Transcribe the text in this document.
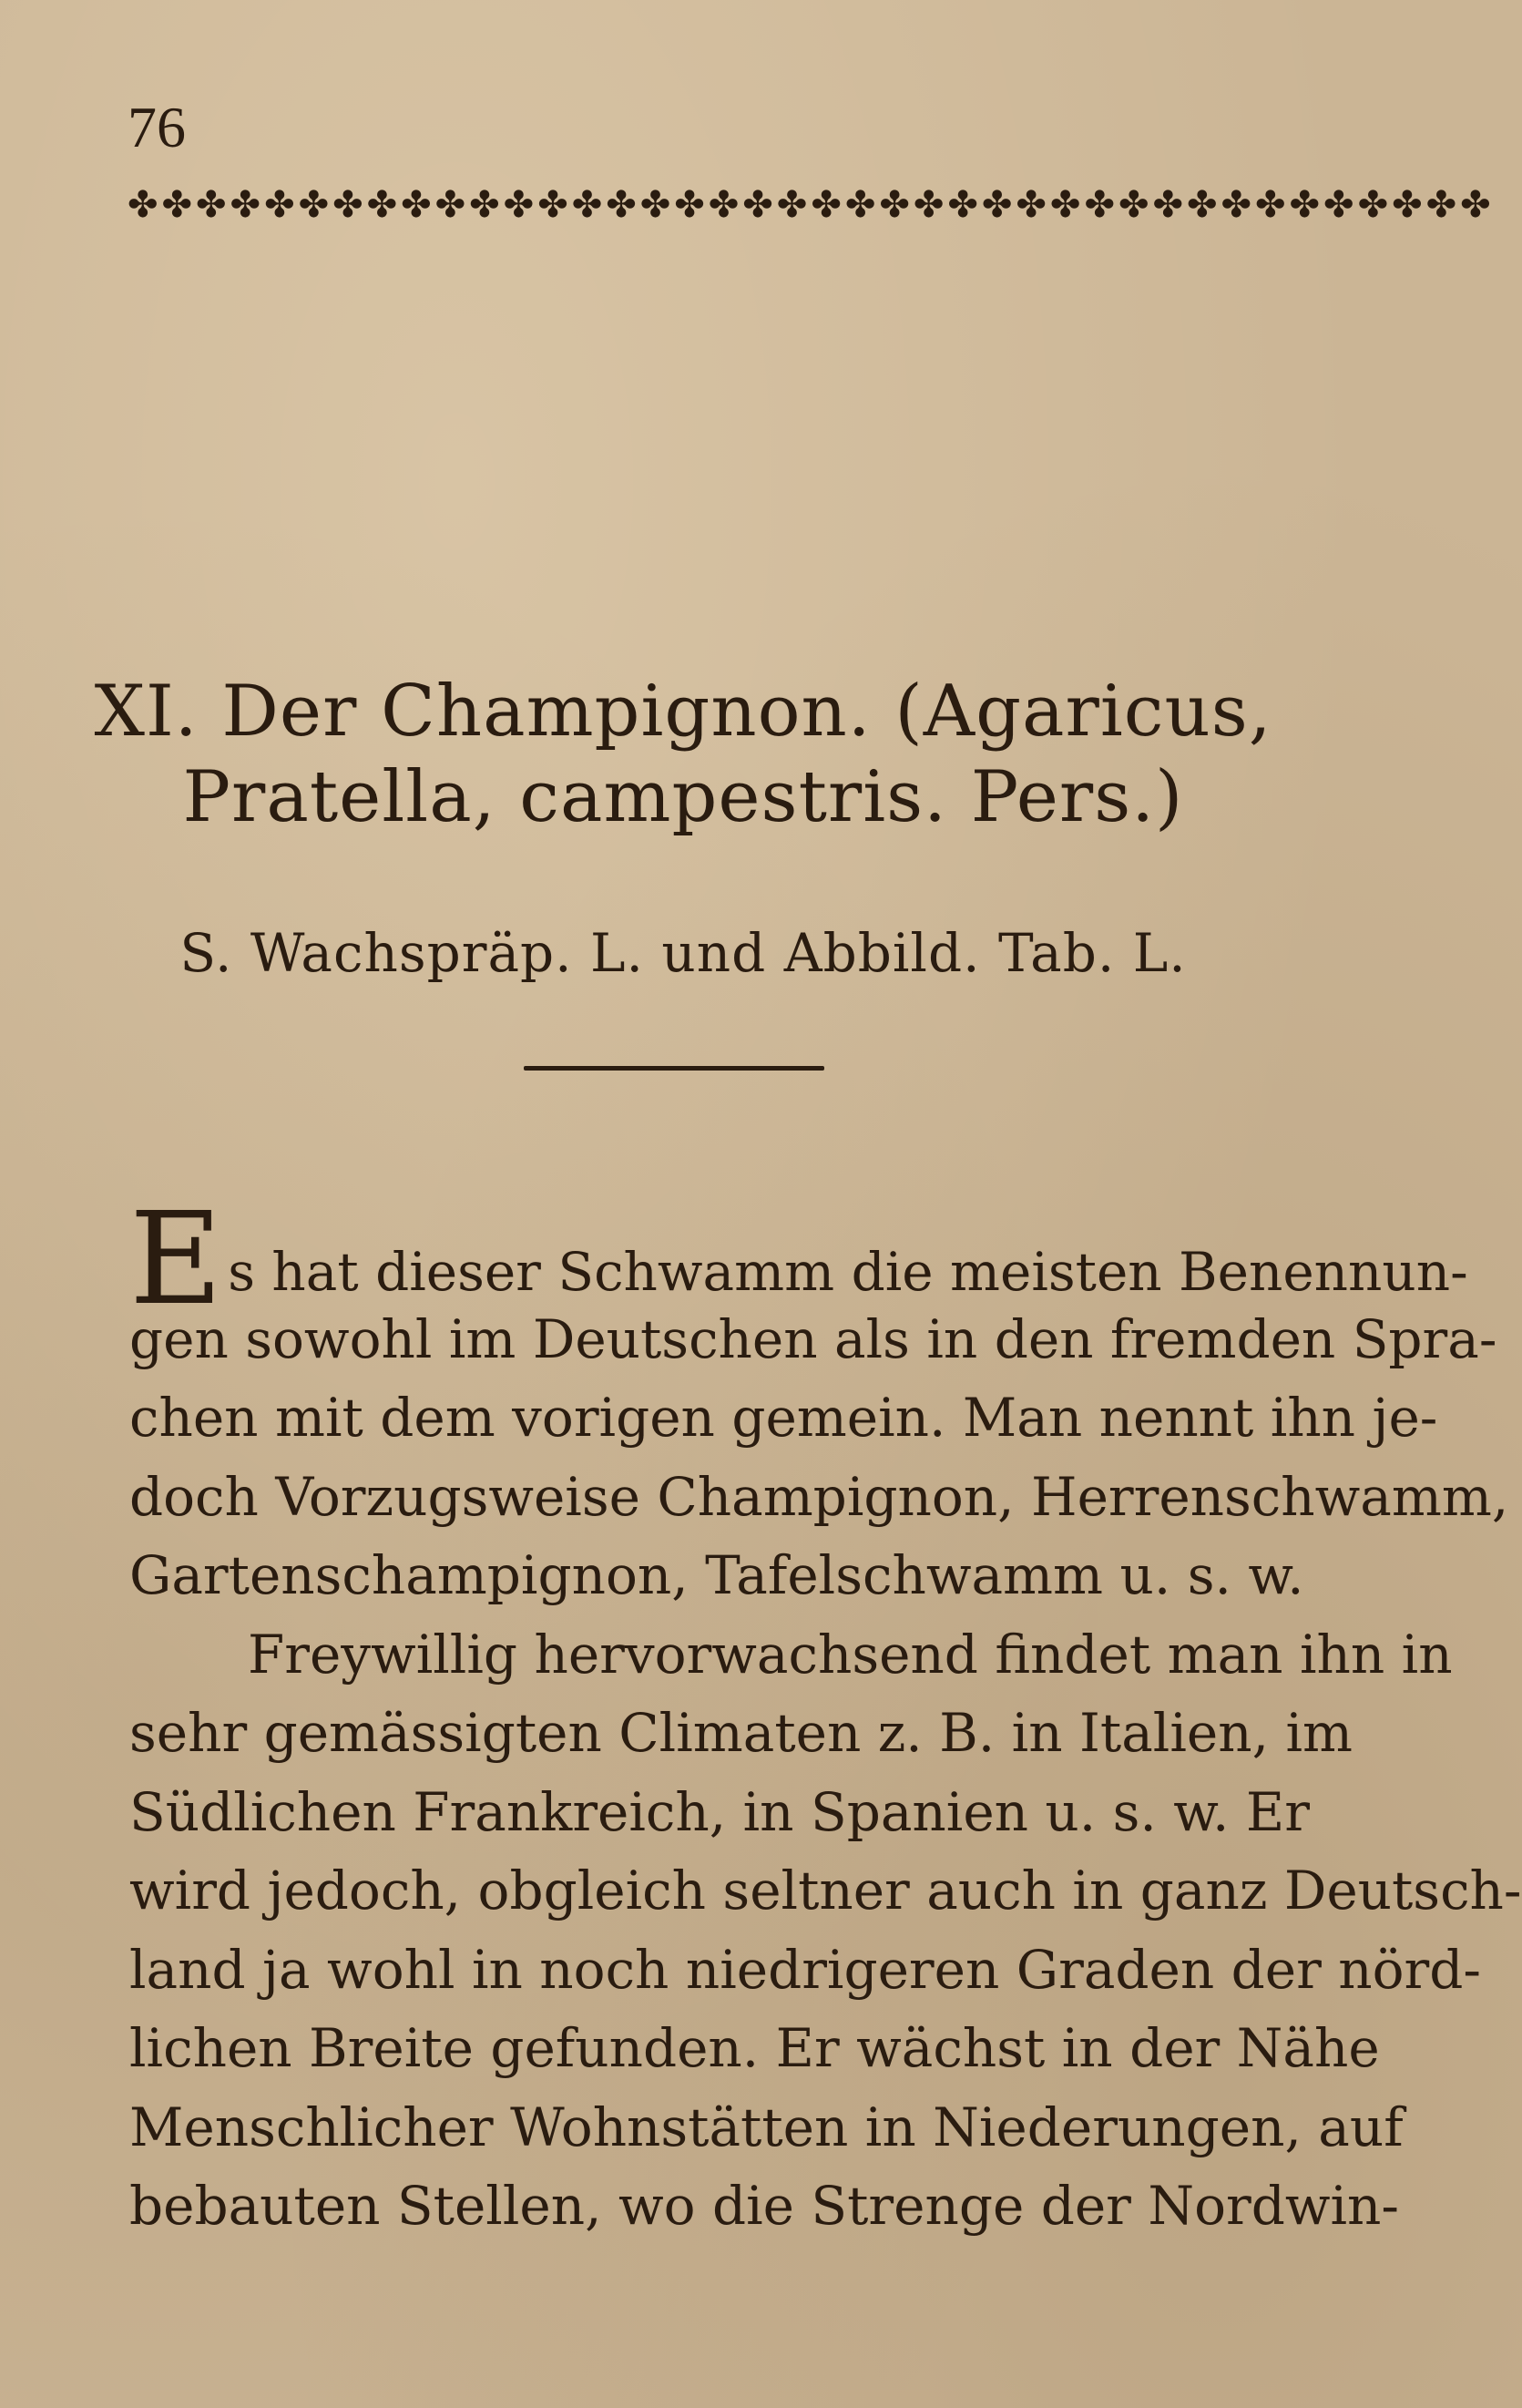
76
✤✤✤✤✤✤✤✤✤✤✤✤✤✤✤✤✤✤✤✤✤✤✤✤✤✤✤✤✤✤✤✤✤✤✤✤✤✤✤✤
XI. Der Champignon. (Agaricus,
Pratella, campestris. Pers.)
S. Wachspräp. L. und Abbild. Tab. L.
Es hat dieser Schwamm die meisten Benennun-
gen sowohl im Deutschen als in den fremden Spra-
chen mit dem vorigen gemein. Man nennt ihn je-
doch Vorzugsweise Champignon, Herrenschwamm,
Gartenschampignon, Tafelschwamm u. s. w.
Freywillig hervorwachsend findet man ihn in
sehr gemässigten Climaten z. B. in Italien, im
Südlichen Frankreich, in Spanien u. s. w. Er
wird jedoch, obgleich seltner auch in ganz Deutsch-
land ja wohl in noch niedrigeren Graden der nörd-
lichen Breite gefunden. Er wächst in der Nähe
Menschlicher Wohnstätten in Niederungen, auf
bebauten Stellen, wo die Strenge der Nordwin-
